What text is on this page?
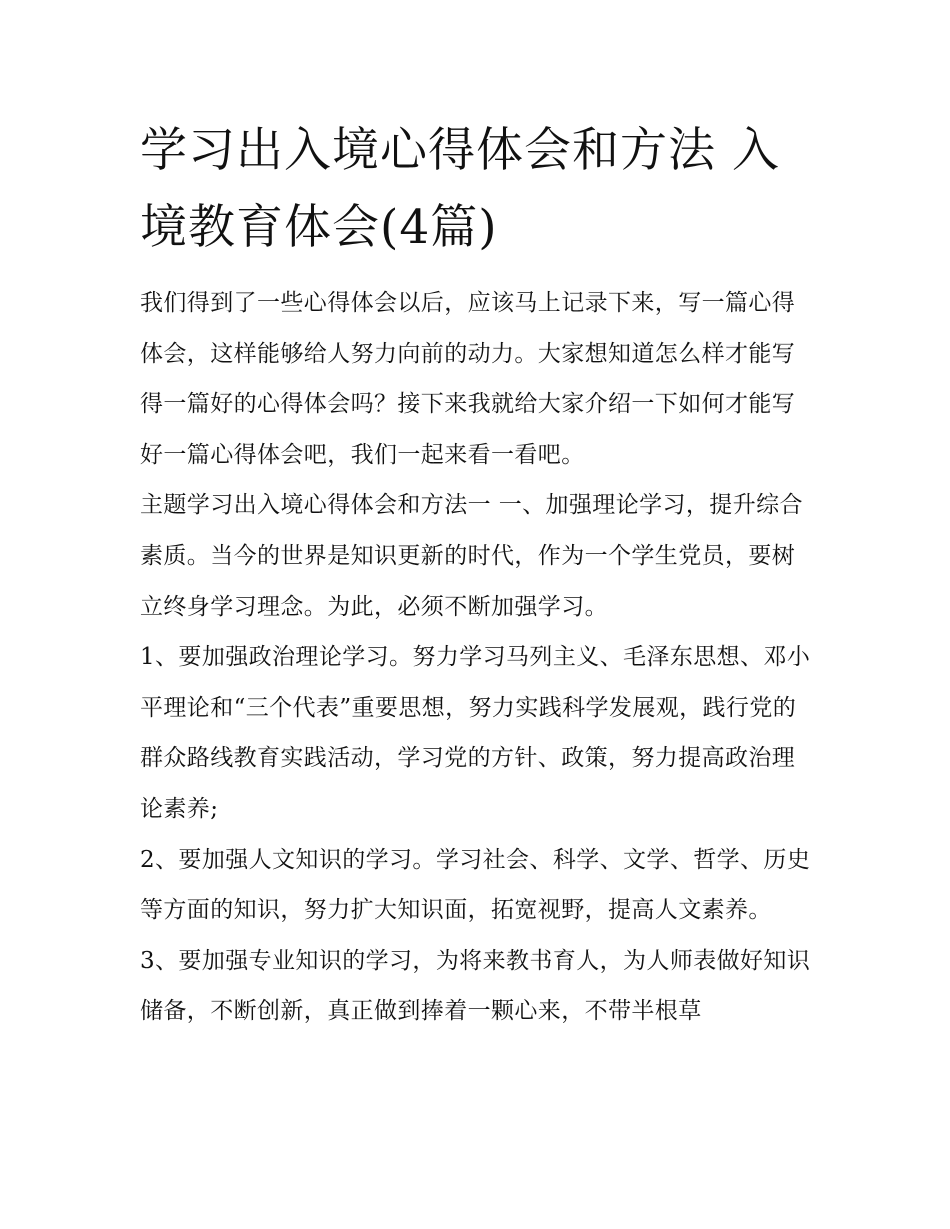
学习出入境心得体会和方法 入境教育体会(4篇)

我们得到了一些心得体会以后，应该马上记录下来，写一篇心得体会，这样能够给人努力向前的动力。大家想知道怎么样才能写得一篇好的心得体会吗？接下来我就给大家介绍一下如何才能写好一篇心得体会吧，我们一起来看一看吧。

主题学习出入境心得体会和方法一 一、加强理论学习，提升综合素质。当今的世界是知识更新的时代，作为一个学生党员，要树立终身学习理念。为此，必须不断加强学习。

1、要加强政治理论学习。努力学习马列主义、毛泽东思想、邓小平理论和“三个代表”重要思想，努力实践科学发展观，践行党的群众路线教育实践活动，学习党的方针、政策，努力提高政治理论素养;

2、要加强人文知识的学习。学习社会、科学、文学、哲学、历史等方面的知识，努力扩大知识面，拓宽视野，提高人文素养。

3、要加强专业知识的学习，为将来教书育人，为人师表做好知识储备，不断创新，真正做到捧着一颗心来，不带半根草
